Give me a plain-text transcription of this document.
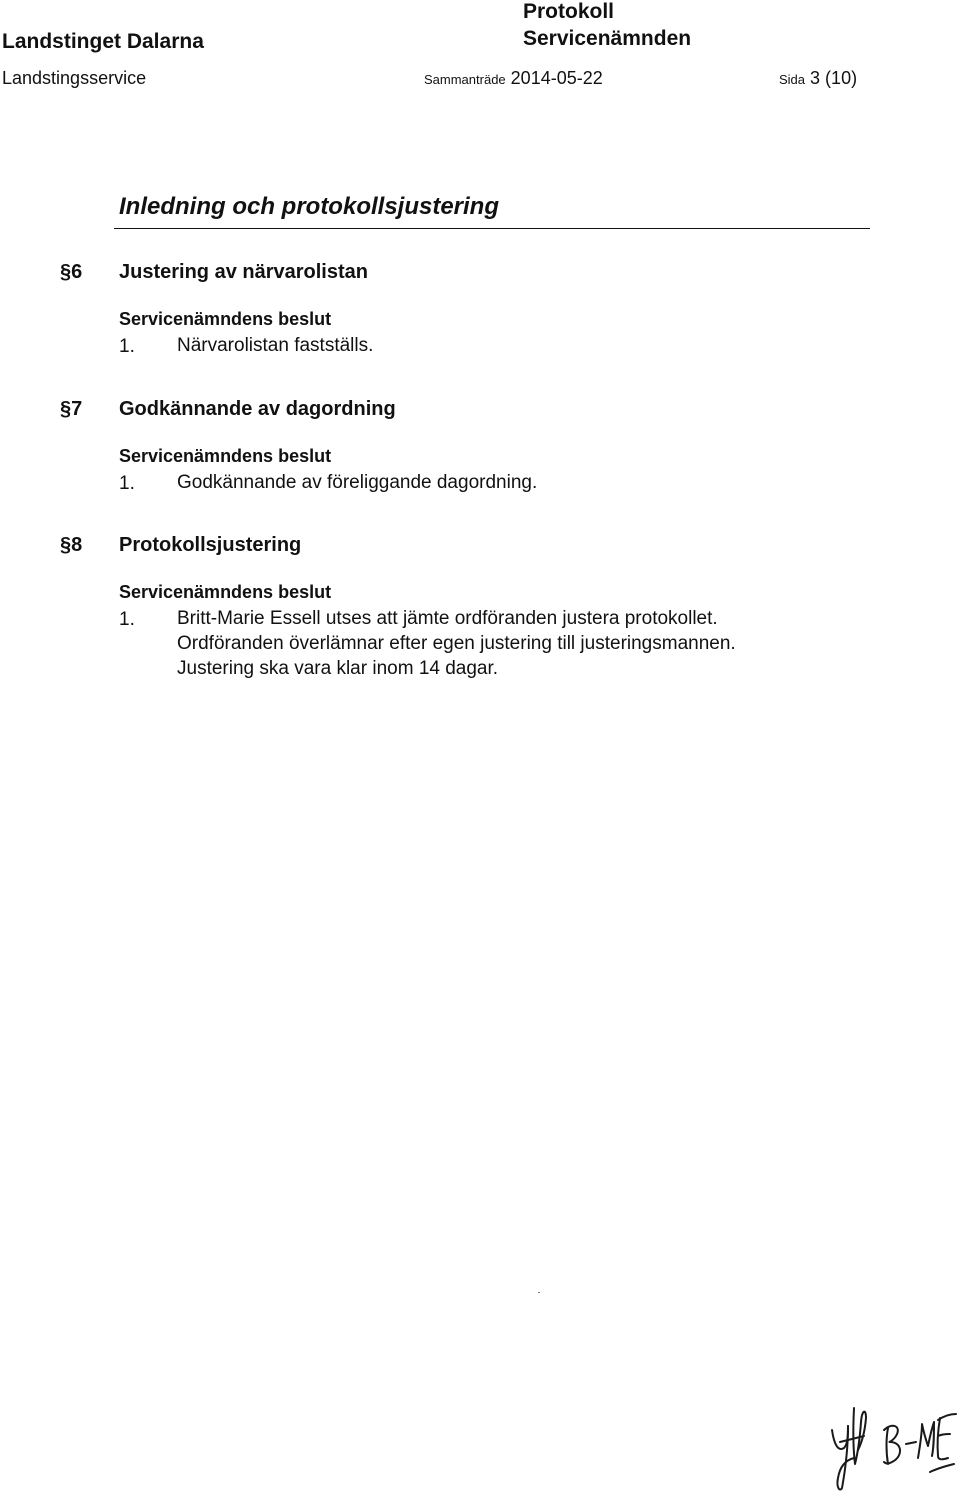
Landstinget Dalarna
Landstingsservice
Protokoll
Servicenämnden
Sammanträde 2014-05-22	Sida 3 (10)
Inledning och protokollsjustering
§6 Justering av närvarolistan
Servicenämndens beslut
1. Närvarolistan fastställs.
§7 Godkännande av dagordning
Servicenämndens beslut
1. Godkännande av föreliggande dagordning.
§8 Protokollsjustering
Servicenämndens beslut
1. Britt-Marie Essell utses att jämte ordföranden justera protokollet.
Ordföranden överlämnar efter egen justering till justeringsmannen.
Justering ska vara klar inom 14 dagar.
